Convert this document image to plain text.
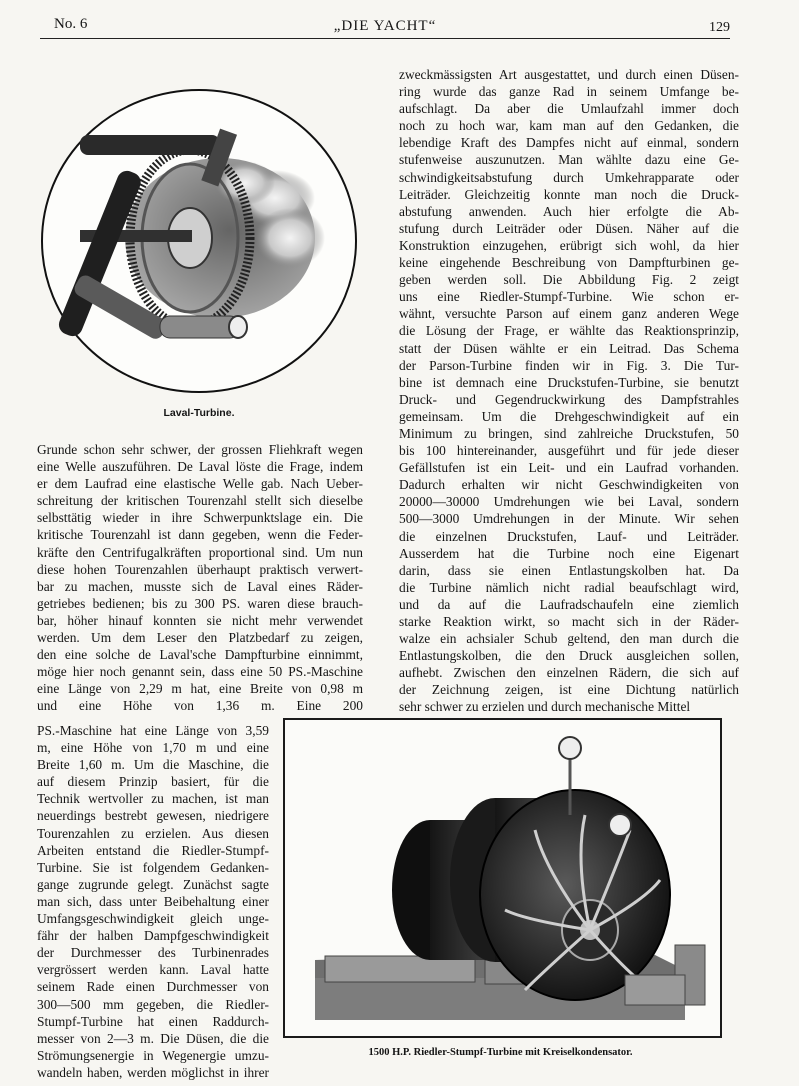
No. 6	„DIE YACHT“	129
Laval-Turbine.
Grunde schon sehr schwer, der grossen Fliehkraft wegen
eine Welle auszuführen. De Laval löste die Frage, indem
er dem Laufrad eine elastische Welle gab. Nach Ueber-
schreitung der kritischen Tourenzahl stellt sich dieselbe
selbsttätig wieder in ihre Schwerpunktslage ein. Die
kritische Tourenzahl ist dann gegeben, wenn die Feder-
kräfte den Centrifugalkräften proportional sind. Um nun
diese hohen Tourenzahlen überhaupt praktisch verwert-
bar zu machen, musste sich de Laval eines Räder-
getriebes bedienen; bis zu 300 PS. waren diese brauch-
bar, höher hinauf konnten sie nicht mehr verwendet
werden. Um dem Leser den Platzbedarf zu zeigen,
den eine solche de Laval'sche Dampfturbine einnimmt,
möge hier noch genannt sein, dass eine 50 PS.-Maschine
eine Länge von 2,29 m hat, eine Breite von 0,98 m
und eine Höhe von 1,36 m. Eine 200
PS.-Maschine hat eine Länge von 3,59
m, eine Höhe von 1,70 m und eine
Breite 1,60 m. Um die Maschine, die
auf diesem Prinzip basiert, für die
Technik wertvoller zu machen, ist man
neuerdings bestrebt gewesen, niedrigere
Tourenzahlen zu erzielen. Aus diesen
Arbeiten entstand die Riedler-Stumpf-
Turbine. Sie ist folgendem Gedanken-
gange zugrunde gelegt. Zunächst sagte
man sich, dass unter Beibehaltung einer
Umfangsgeschwindigkeit gleich unge-
fähr der halben Dampfgeschwindigkeit
der Durchmesser des Turbinenrades
vergrössert werden kann. Laval hatte
seinem Rade einen Durchmesser von
300—500 mm gegeben, die Riedler-
Stumpf-Turbine hat einen Raddurch-
messer von 2—3 m. Die Düsen, die die
Strömungsenergie in Wegenergie umzu-
wandeln haben, werden möglichst in ihrer
zweckmässigsten Art ausgestattet, und durch einen Düsen-
ring wurde das ganze Rad in seinem Umfange be-
aufschlagt. Da aber die Umlaufzahl immer doch
noch zu hoch war, kam man auf den Gedanken, die
lebendige Kraft des Dampfes nicht auf einmal, sondern
stufenweise auszunutzen. Man wählte dazu eine Ge-
schwindigkeitsabstufung durch Umkehrapparate oder
Leiträder. Gleichzeitig konnte man noch die Druck-
abstufung anwenden. Auch hier erfolgte die Ab-
stufung durch Leiträder oder Düsen. Näher auf die
Konstruktion einzugehen, erübrigt sich wohl, da hier
keine eingehende Beschreibung von Dampfturbinen ge-
geben werden soll. Die Abbildung Fig. 2 zeigt
uns eine Riedler-Stumpf-Turbine. Wie schon er-
wähnt, versuchte Parson auf einem ganz anderen Wege
die Lösung der Frage, er wählte das Reaktionsprinzip,
statt der Düsen wählte er ein Leitrad. Das Schema
der Parson-Turbine finden wir in Fig. 3. Die Tur-
bine ist demnach eine Druckstufen-Turbine, sie benutzt
Druck- und Gegendruckwirkung des Dampfstrahles
gemeinsam. Um die Drehgeschwindigkeit auf ein
Minimum zu bringen, sind zahlreiche Druckstufen, 50
bis 100 hintereinander, ausgeführt und für jede dieser
Gefällstufen ist ein Leit- und ein Laufrad vorhanden.
Dadurch erhalten wir nicht Geschwindigkeiten von
20000—30000 Umdrehungen wie bei Laval, sondern
500—3000 Umdrehungen in der Minute. Wir sehen
die einzelnen Druckstufen, Lauf- und Leiträder.
Ausserdem hat die Turbine noch eine Eigenart
darin, dass sie einen Entlastungskolben hat. Da
die Turbine nämlich nicht radial beaufschlagt wird,
und da auf die Laufradschaufeln eine ziemlich
starke Reaktion wirkt, so macht sich in der Räder-
walze ein achsialer Schub geltend, den man durch die
Entlastungskolben, die den Druck ausgleichen sollen,
aufhebt. Zwischen den einzelnen Rädern, die sich auf
der Zeichnung zeigen, ist eine Dichtung natürlich
sehr schwer zu erzielen und durch mechanische Mittel
1500 H.P. Riedler-Stumpf-Turbine mit Kreiselkondensator.
